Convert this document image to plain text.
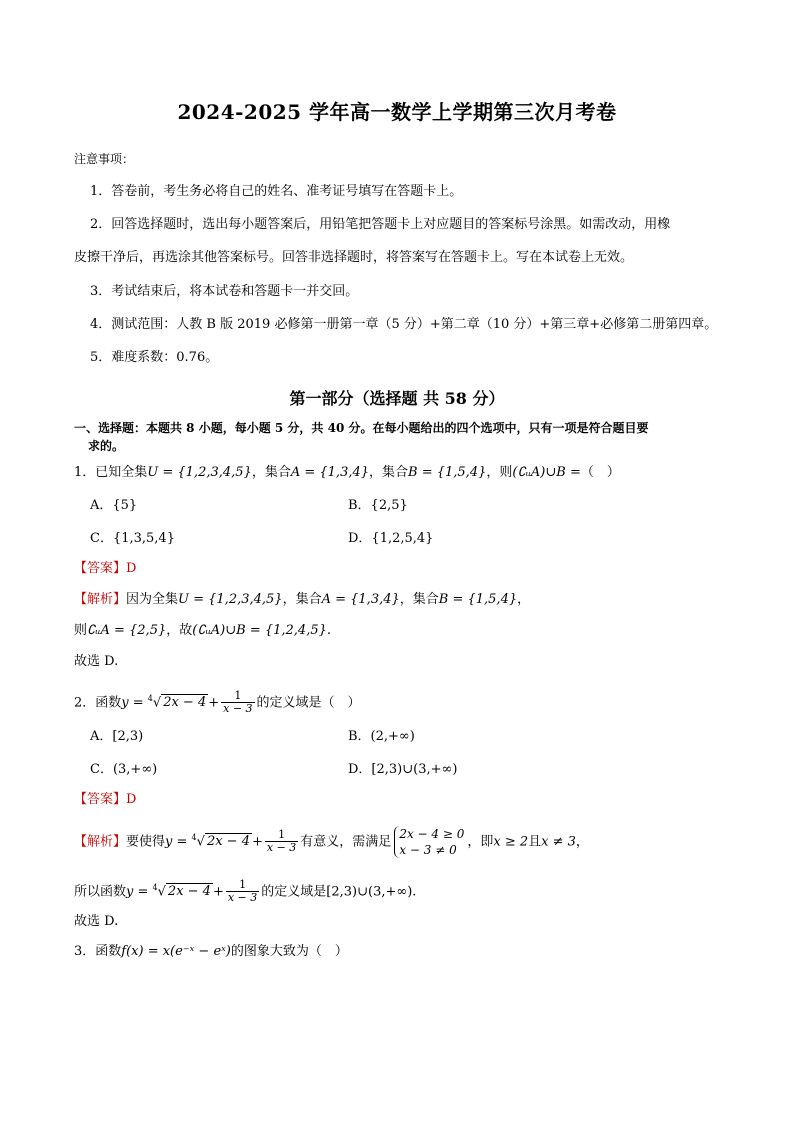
2024-2025 学年高一数学上学期第三次月考卷
注意事项：
1．答卷前，考生务必将自己的姓名、准考证号填写在答题卡上。
2．回答选择题时，选出每小题答案后，用铅笔把答题卡上对应题目的答案标号涂黑。如需改动，用橡
皮擦干净后，再选涂其他答案标号。回答非选择题时，将答案写在答题卡上。写在本试卷上无效。
3．考试结束后，将本试卷和答题卡一并交回。
4．测试范围：人教 B 版 2019 必修第一册第一章（5 分）+第二章（10 分）+第三章+必修第二册第四章。
5．难度系数：0.76。
第一部分（选择题 共 58 分）
一、选择题：本题共 8 小题，每小题 5 分，共 40 分。在每小题给出的四个选项中，只有一项是符合题目要
求的。
1．已知全集U = {1,2,3,4,5}，集合A = {1,3,4}，集合B = {1,5,4}，则(∁ᵤA)∪B =（　）
A．{5}	B．{2,5}
C．{1,3,5,4}	D．{1,2,5,4}
【答案】D
【解析】因为全集U = {1,2,3,4,5}，集合A = {1,3,4}，集合B = {1,5,4}，
则∁ᵤA = {2,5}，故(∁ᵤA)∪B = {1,2,4,5}.
故选 D.
2．函数y = $^4$√ $2x - 4 + \frac{1}{x - 3}$ 的定义域是（　）
A．[2,3)	B．(2,+∞)
C．(3,+∞)	D．[2,3)∪(3,+∞)
【答案】D
【解析】要使得y = $^4$√ $2x - 4 + \frac{1}{x - 3}$ 有意义，需满足
2x − 4 ≥ 0
x − 3 ≠ 0
，即x ≥ 2且x ≠ 3，
所以函数y = $^4$√ $2x - 4 + \frac{1}{x - 3}$ 的定义域是[2,3)∪(3,+∞).
故选 D.
3．函数f(x) = x(e⁻ˣ − eˣ)的图象大致为（　）
